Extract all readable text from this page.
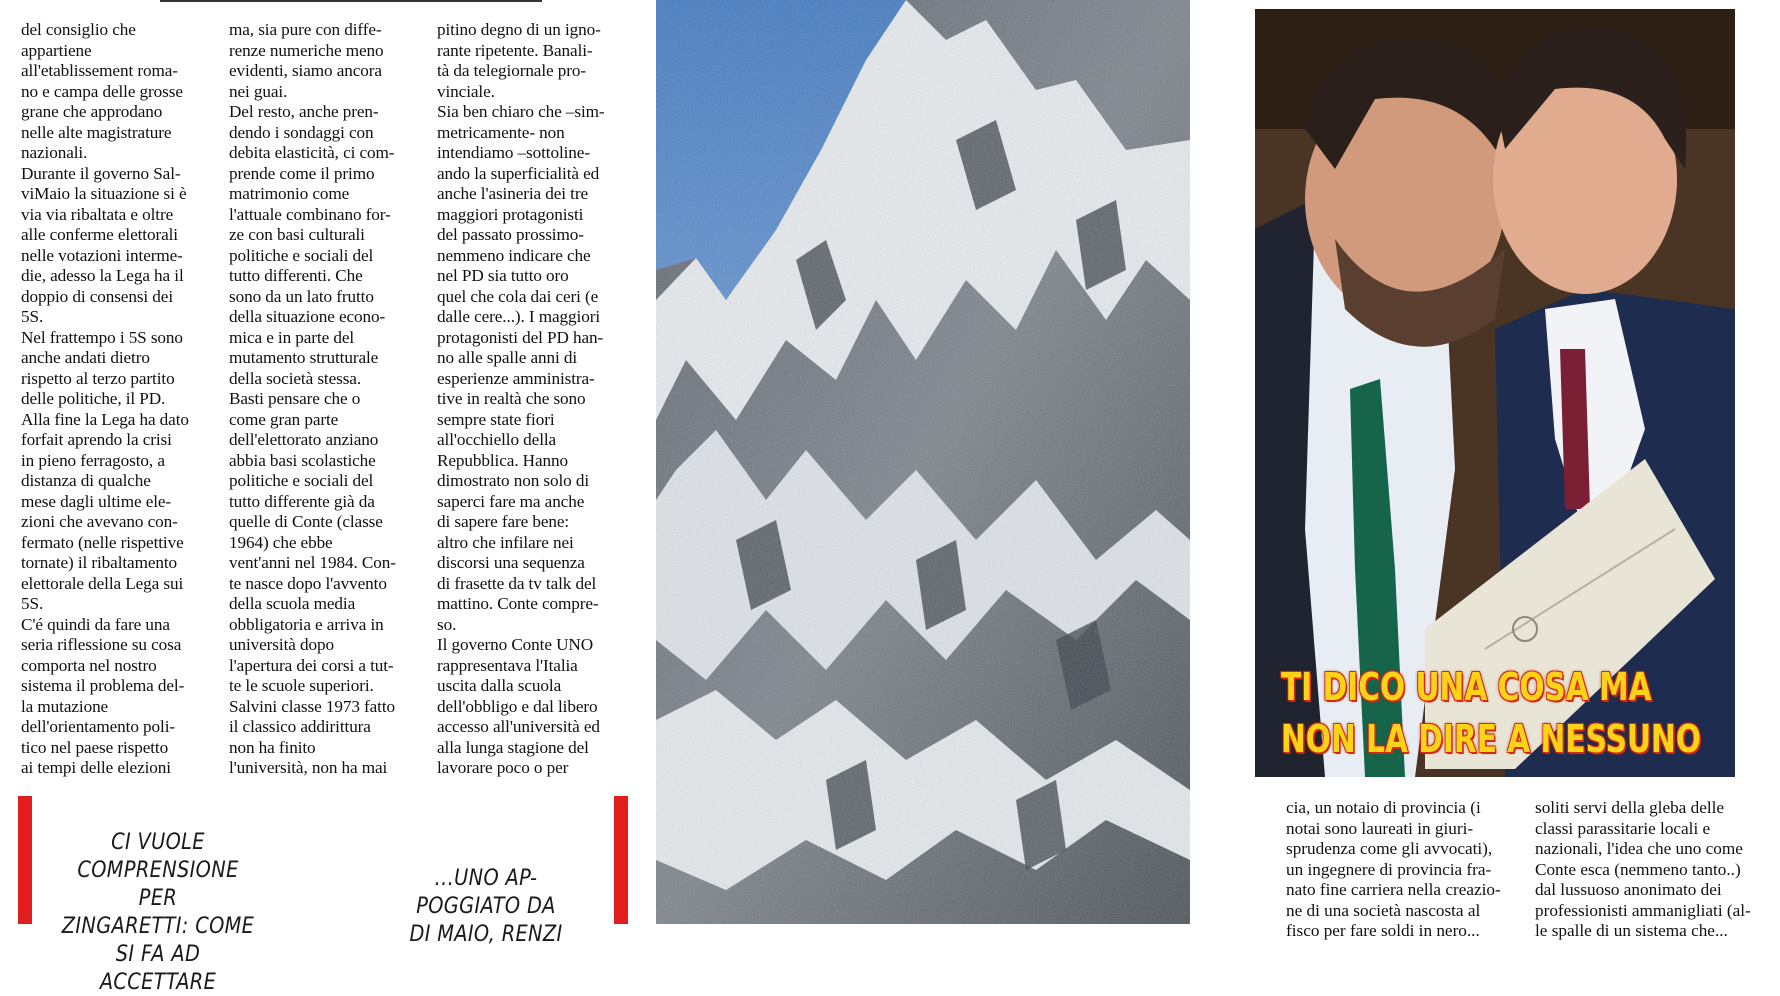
del consiglio che

appartiene

all'etablissement roma-

no e campa delle grosse

grane che approdano

nelle alte magistrature

nazionali.

Durante il governo Sal-

viMaio la situazione si è

via via ribaltata e oltre

alle conferme elettorali

nelle votazioni interme-

die, adesso la Lega ha il

doppio di consensi dei

5S.

Nel frattempo i 5S sono

anche andati dietro

rispetto al terzo partito

delle politiche, il PD.

Alla fine la Lega ha dato

forfait aprendo la crisi

in pieno ferragosto, a

distanza di qualche

mese dagli ultime ele-

zioni che avevano con-

fermato (nelle rispettive

tornate) il ribaltamento

elettorale della Lega sui

5S.

C'é quindi da fare una

seria riflessione su cosa

comporta nel nostro

sistema il problema del-

la mutazione

dell'orientamento poli-

tico nel paese rispetto

ai tempi delle elezioni

ma, sia pure con diffe-

renze numeriche meno

evidenti, siamo ancora

nei guai.

Del resto, anche pren-

dendo i sondaggi con

debita elasticità, ci com-

prende come il primo

matrimonio come

l'attuale combinano for-

ze con basi culturali

politiche e sociali del

tutto differenti. Che

sono da un lato frutto

della situazione econo-

mica e in parte del

mutamento strutturale

della società stessa.

Basti pensare che o

come gran parte

dell'elettorato anziano

abbia basi scolastiche

politiche e sociali del

tutto differente già da

quelle di Conte (classe

1964) che ebbe

vent'anni nel 1984. Con-

te nasce dopo l'avvento

della scuola media

obbligatoria e arriva in

università dopo

l'apertura dei corsi a tut-

te le scuole superiori.

Salvini classe 1973 fatto

il classico addirittura

non ha finito

l'università, non ha mai

pitino degno di un igno-

rante ripetente. Banali-

tà da telegiornale pro-

vinciale.

Sia ben chiaro che –sim-

metricamente- non

intendiamo –sottoline-

ando la superficialità ed

anche l'asineria dei tre

maggiori protagonisti

del passato prossimo-

nemmeno indicare che

nel PD sia tutto oro

quel che cola dai ceri (e

dalle cere...). I maggiori

protagonisti del PD han-

no alle spalle anni di

esperienze amministra-

tive in realtà che sono

sempre state fiori

all'occhiello della

Repubblica. Hanno

dimostrato non solo di

saperci fare ma anche

di sapere fare bene:

altro che infilare nei

discorsi una sequenza

di frasette da tv talk del

mattino. Conte compre-

so.

Il governo Conte UNO

rappresentava l'Italia

uscita dalla scuola

dell'obbligo e dal libero

accesso all'università ed

alla lunga stagione del

lavorare poco o per

CI VUOLE
COMPRENSIONE PER
ZINGARETTI: COME
SI FA AD ACCETTARE
...UNO AP-
POGGIATO DA
DI MAIO, RENZI
TI DICO UNA COSA MA
NON LA DIRE A NESSUNO
cia, un notaio di provincia (i
notai sono laureati in giuri-
sprudenza come gli avvocati),
un ingegnere di provincia fra-
nato fine carriera nella creazio-
ne di una società nascosta al
fisco per fare soldi in nero...
soliti servi della gleba delle
classi parassitarie locali e
nazionali, l'idea che uno come
Conte esca (nemmeno tanto..)
dal lussuoso anonimato dei
professionisti ammanigliati (al-
le spalle di un sistema che...
